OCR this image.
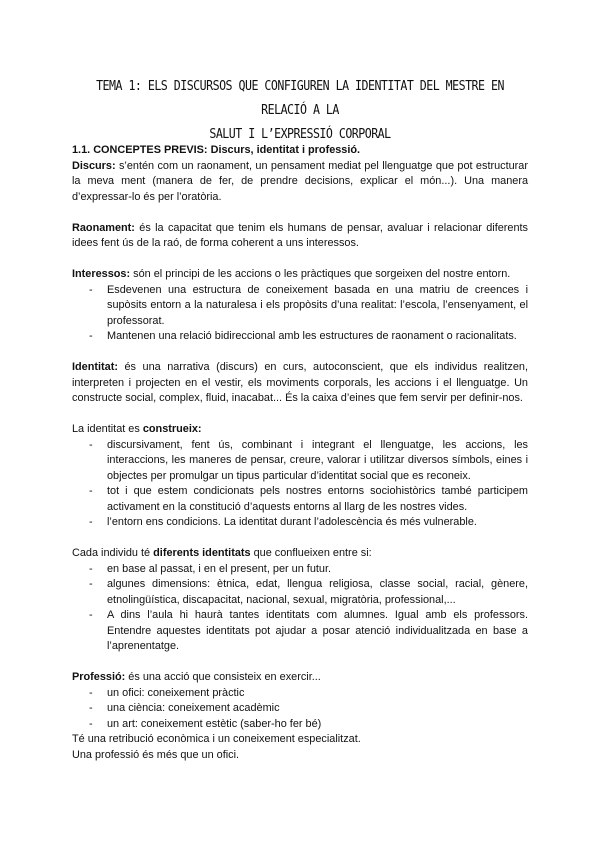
TEMA 1: ELS DISCURSOS QUE CONFIGUREN LA IDENTITAT DEL MESTRE EN RELACIÓ A LA
SALUT I L’EXPRESSIÓ CORPORAL

1.1. CONCEPTES PREVIS: Discurs, identitat i professió.

Discurs: s’entén com un raonament, un pensament mediat pel llenguatge que pot estructurar la meva ment (manera de fer, de prendre decisions, explicar el món...). Una manera d’expressar-lo és per l’oratòria.

Raonament: és la capacitat que tenim els humans de pensar, avaluar i relacionar diferents idees fent ús de la raó, de forma coherent a uns interessos.

Interessos: són el principi de les accions o les pràctiques que sorgeixen del nostre entorn.

- Esdevenen una estructura de coneixement basada en una matriu de creences i supòsits entorn a la naturalesa i els propòsits d’una realitat: l’escola, l’ensenyament, el professorat.
- Mantenen una relació bidireccional amb les estructures de raonament o racionalitats.

Identitat: és una narrativa (discurs) en curs, autoconscient, que els individus realitzen, interpreten i projecten en el vestir, els moviments corporals, les accions i el llenguatge. Un constructe social, complex, fluid, inacabat... És la caixa d’eines que fem servir per definir-nos.

La identitat es construeix:

- discursivament, fent ús, combinant i integrant el llenguatge, les accions, les interaccions, les maneres de pensar, creure, valorar i utilitzar diversos símbols, eines i objectes per promulgar un tipus particular d’identitat social que es reconeix.
- tot i que estem condicionats pels nostres entorns sociohistòrics també participem activament en la constitució d’aquests entorns al llarg de les nostres vides.
- l’entorn ens condicions. La identitat durant l’adolescència és més vulnerable.

Cada individu té diferents identitats que conflueixen entre si:

- en base al passat, i en el present, per un futur.
- algunes dimensions: ètnica, edat, llengua religiosa, classe social, racial, gènere, etnolingüística, discapacitat, nacional, sexual, migratòria, professional,...
- A dins l’aula hi haurà tantes identitats com alumnes. Igual amb els professors. Entendre aquestes identitats pot ajudar a posar atenció individualitzada en base a l’aprenentatge.

Professió: és una acció que consisteix en exercir...

- un ofici: coneixement pràctic
- una ciència: coneixement acadèmic
- un art: coneixement estètic (saber-ho fer bé)

Té una retribució econòmica i un coneixement especialitzat.

Una professió és més que un ofici.
